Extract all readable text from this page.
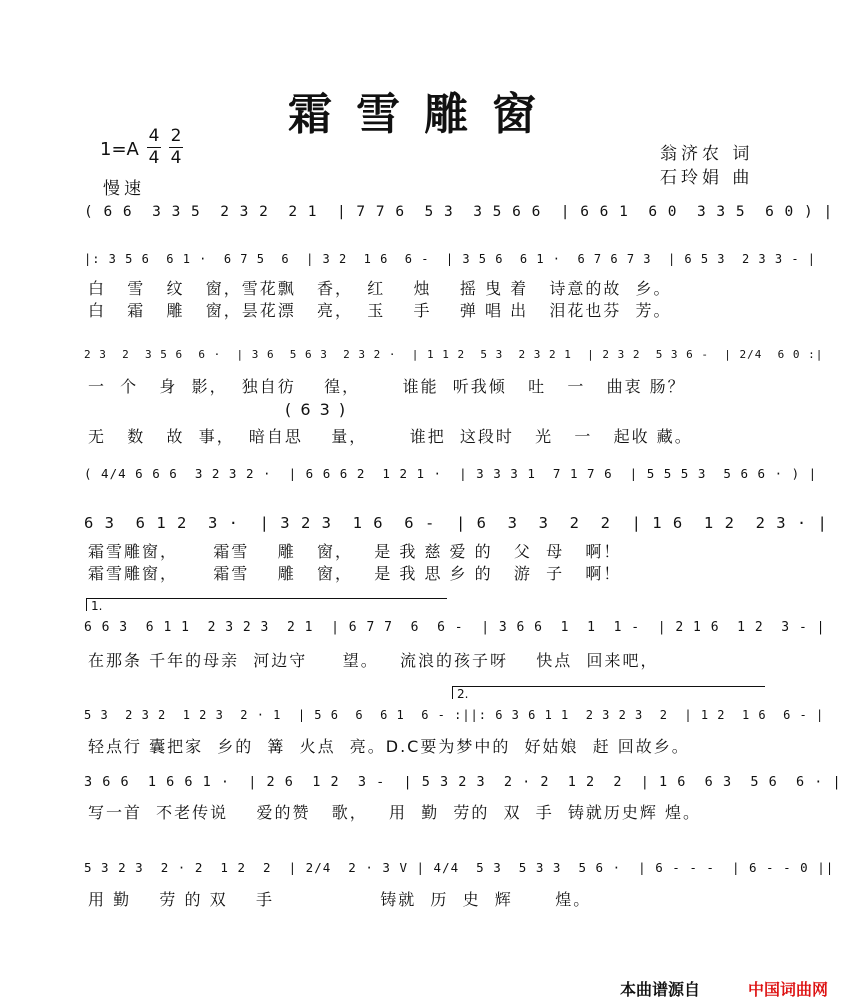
霜雪雕窗
1=A
4
4
2
4
慢速
翁济农 词
石玲娟 曲
( 6 6  3 3 5  2 3 2  2 1  | 7 7 6  5 3  3 5 6 6  | 6 6 1  6 0  3 3 5  6 0 ) |
|: 3 5 6  6 1 ·  6 7 5  6  | 3 2  1 6  6 -  | 3 5 6  6 1 ·  6 7 6 7 3  | 6 5 3  2 3 3 - |
白   雪   纹   窗，雪花飘   香，  红    烛    摇 曳 着   诗意的故  乡。
白   霜   雕   窗，昙花漂   亮，  玉    手    弹 唱 出   泪花也芬  芳。
2 3  2  3 5 6  6 ·  | 3 6  5 6 3  2 3 2 ·  | 1 1 2  5 3  2 3 2 1  | 2 3 2  5 3 6 -  | 2/4  6 0 :|
一  个   身  影，  独自彷    徨，      谁能  听我倾   吐   一   曲衷 肠？
( 6 3 )
无   数   故  事，  暗自思    量，      谁把  这段时   光   一   起收 藏。
( 4/4 6 6 6  3 2 3 2 ·  | 6 6 6 2  1 2 1 ·  | 3 3 3 1  7 1 7 6  | 5 5 5 3  5 6 6 · ) |
6 3  6 1 2  3 ·  | 3 2 3  1 6  6 -  | 6  3  3  2  2  | 1 6  1 2  2 3 · |
霜雪雕窗，     霜雪    雕   窗，   是 我 慈 爱 的   父  母   啊！
霜雪雕窗，     霜雪    雕   窗，   是 我 思 乡 的   游  子   啊！
1.
6 6 3  6 1 1  2 3 2 3  2 1  | 6 7 7  6  6 -  | 3 6 6  1  1  1 -  | 2 1 6  1 2  3 - |
在那条 千年的母亲  河边守     望。   流浪的孩子呀    快点  回来吧，
2.
5 3  2 3 2  1 2 3  2 · 1  | 5 6  6  6 1  6 - :||: 6 3 6 1 1  2 3 2 3  2  | 1 2  1 6  6 - |
轻点行 囊把家  乡的  篝  火点  亮。D.C要为梦中的  好姑娘  赶 回故乡。
3 6 6  1 6 6 1 ·  | 2 6  1 2  3 -  | 5 3 2 3  2 · 2  1 2  2  | 1 6  6 3  5 6  6 · |
写一首  不老传说    爱的赞   歌，   用  勤  劳的  双  手  铸就历史辉 煌。
5 3 2 3  2 · 2  1 2  2  | 2/4  2 · 3 V | 4/4  5 3  5 3 3  5 6 ·  | 6 - - -  | 6 - - 0 ||
用 勤    劳 的 双    手               铸就  历  史  辉      煌。
本曲谱源自	中国词曲网
